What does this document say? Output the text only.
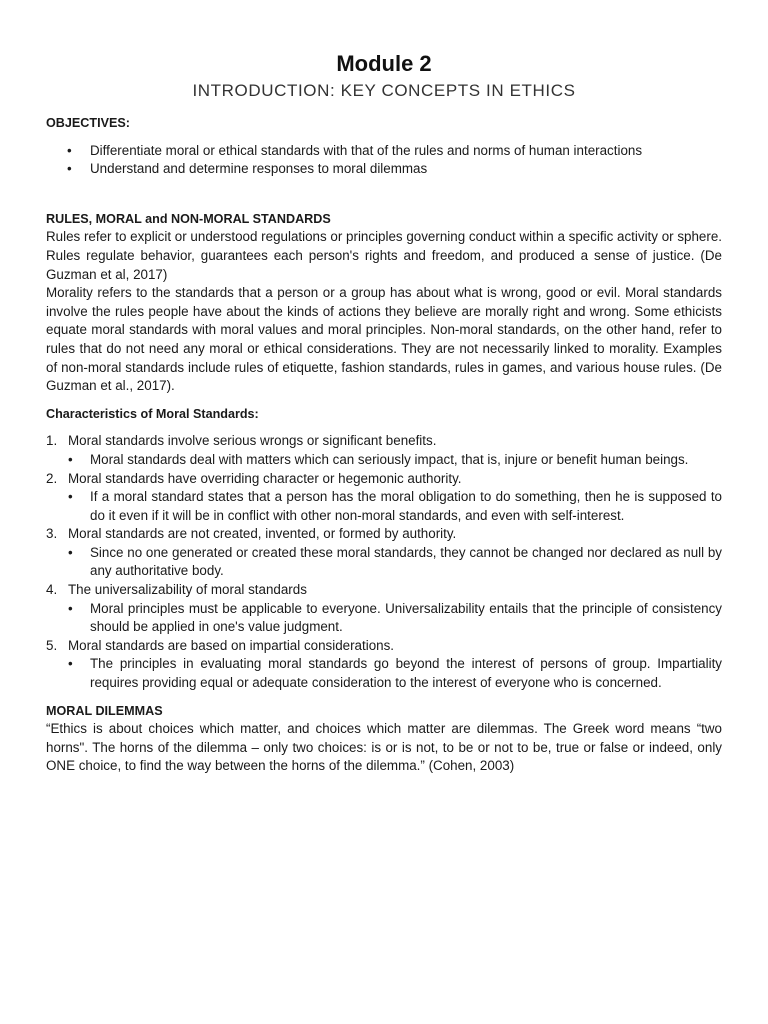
Module 2
INTRODUCTION: KEY CONCEPTS IN ETHICS
OBJECTIVES:
• Differentiate moral or ethical standards with that of the rules and norms of human interactions
• Understand and determine responses to moral dilemmas
RULES, MORAL and NON-MORAL STANDARDS

Rules refer to explicit or understood regulations or principles governing conduct within a specific activity or sphere. Rules regulate behavior, guarantees each person's rights and freedom, and produced a sense of justice. (De Guzman et al, 2017)

Morality refers to the standards that a person or a group has about what is wrong, good or evil. Moral standards involve the rules people have about the kinds of actions they believe are morally right and wrong. Some ethicists equate moral standards with moral values and moral principles. Non-moral standards, on the other hand, refer to rules that do not need any moral or ethical considerations. They are not necessarily linked to morality. Examples of non-moral standards include rules of etiquette, fashion standards, rules in games, and various house rules. (De Guzman et al., 2017).

Characteristics of Moral Standards:
1. Moral standards involve serious wrongs or significant benefits.
• Moral standards deal with matters which can seriously impact, that is, injure or benefit human beings.
2. Moral standards have overriding character or hegemonic authority.
• If a moral standard states that a person has the moral obligation to do something, then he is supposed to do it even if it will be in conflict with other non-moral standards, and even with self-interest.
3. Moral standards are not created, invented, or formed by authority.
• Since no one generated or created these moral standards, they cannot be changed nor declared as null by any authoritative body.
4. The universalizability of moral standards
• Moral principles must be applicable to everyone. Universalizability entails that the principle of consistency should be applied in one's value judgment.
5. Moral standards are based on impartial considerations.
• The principles in evaluating moral standards go beyond the interest of persons of group. Impartiality requires providing equal or adequate consideration to the interest of everyone who is concerned.
MORAL DILEMMAS

“Ethics is about choices which matter, and choices which matter are dilemmas. The Greek word means “two horns". The horns of the dilemma – only two choices: is or is not, to be or not to be, true or false or indeed, only ONE choice, to find the way between the horns of the dilemma.” (Cohen, 2003)
